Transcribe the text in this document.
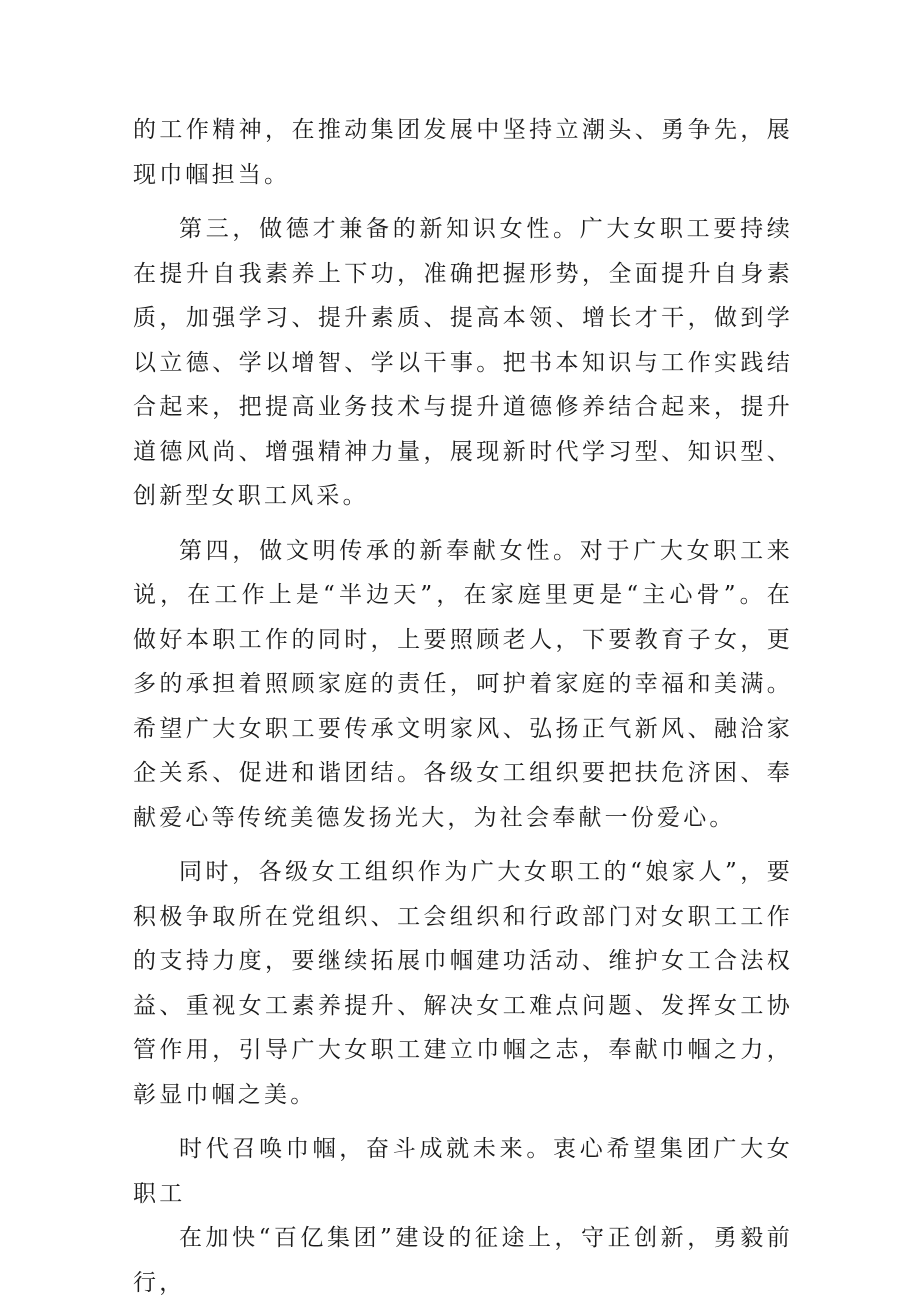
的工作精神，在推动集团发展中坚持立潮头、勇争先，展现巾帼担当。

第三，做德才兼备的新知识女性。广大女职工要持续在提升自我素养上下功，准确把握形势，全面提升自身素质，加强学习、提升素质、提高本领、增长才干，做到学以立德、学以增智、学以干事。把书本知识与工作实践结合起来，把提高业务技术与提升道德修养结合起来，提升道德风尚、增强精神力量，展现新时代学习型、知识型、创新型女职工风采。

第四，做文明传承的新奉献女性。对于广大女职工来说，在工作上是“半边天”，在家庭里更是“主心骨”。在做好本职工作的同时，上要照顾老人，下要教育子女，更多的承担着照顾家庭的责任，呵护着家庭的幸福和美满。希望广大女职工要传承文明家风、弘扬正气新风、融洽家企关系、促进和谐团结。各级女工组织要把扶危济困、奉献爱心等传统美德发扬光大，为社会奉献一份爱心。

同时，各级女工组织作为广大女职工的“娘家人”，要积极争取所在党组织、工会组织和行政部门对女职工工作的支持力度，要继续拓展巾帼建功活动、维护女工合法权益、重视女工素养提升、解决女工难点问题、发挥女工协管作用，引导广大女职工建立巾帼之志，奉献巾帼之力，彰显巾帼之美。

时代召唤巾帼，奋斗成就未来。衷心希望集团广大女职工

在加快“百亿集团”建设的征途上，守正创新，勇毅前行，
